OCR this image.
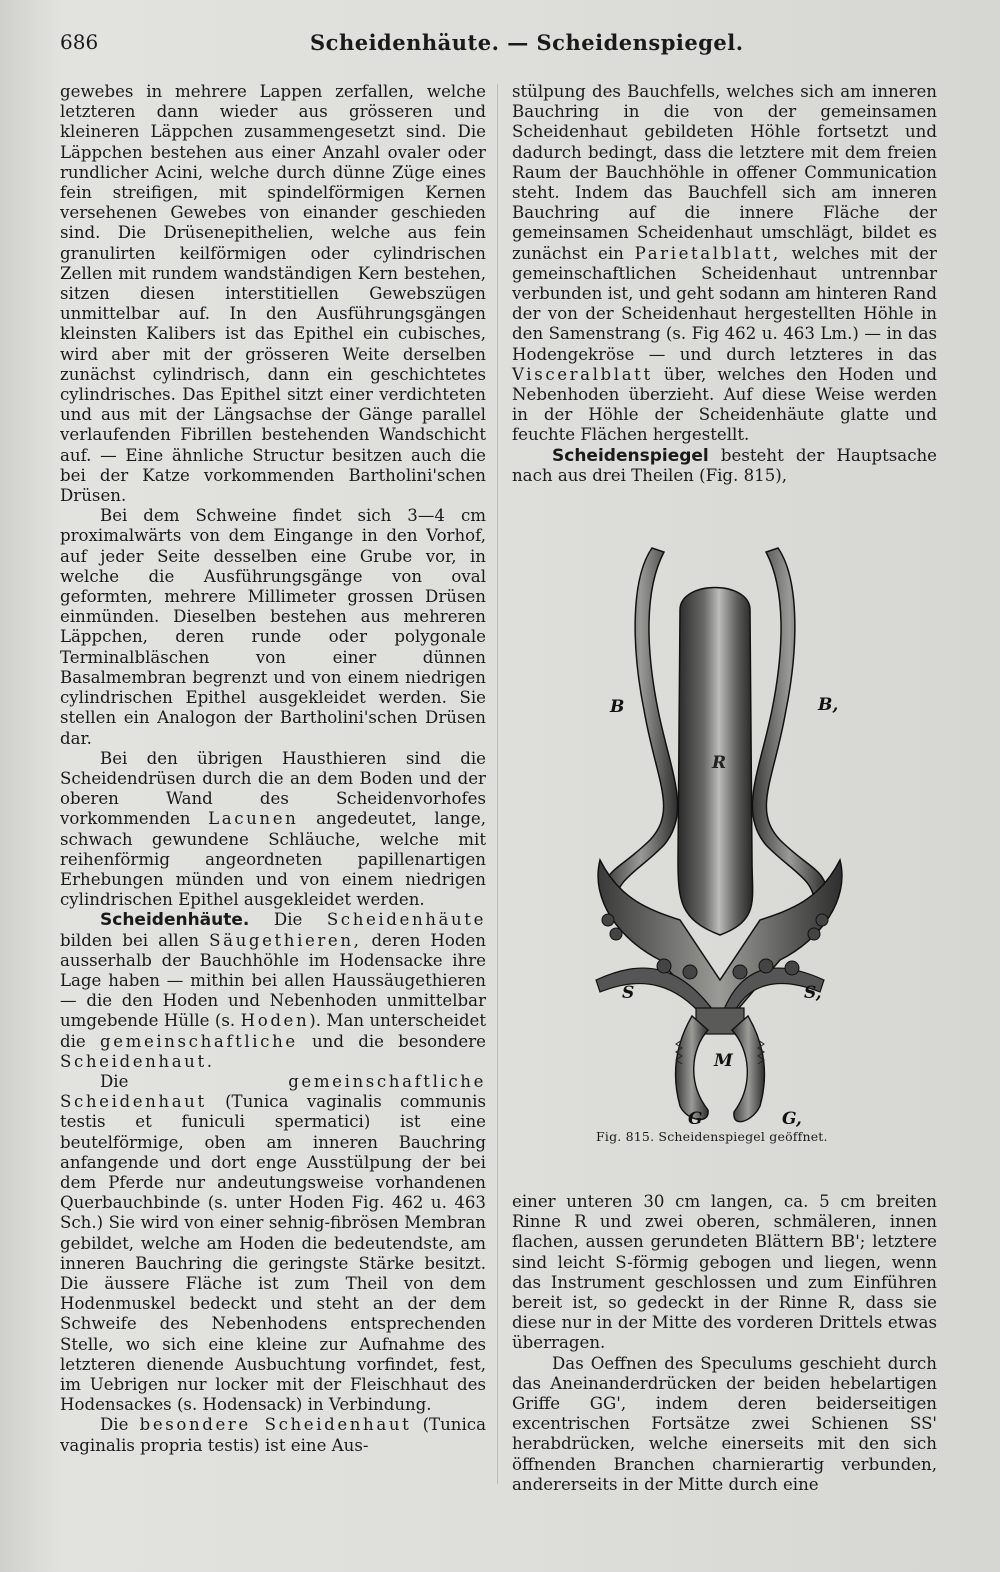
686	Scheidenhäute. — Scheidenspiegel.

gewebes in mehrere Lappen zerfallen, welche letzteren dann wieder aus grösseren und kleineren Läppchen zusammengesetzt sind. Die Läppchen bestehen aus einer Anzahl ovaler oder rundlicher Acini, welche durch dünne Züge eines fein streifigen, mit spindelförmigen Kernen versehenen Gewebes von einander geschieden sind. Die Drüsenepithelien, welche aus fein granulirten keilförmigen oder cylindrischen Zellen mit rundem wandständigen Kern bestehen, sitzen diesen interstitiellen Gewebszügen unmittelbar auf. In den Ausführungsgängen kleinsten Kalibers ist das Epithel ein cubisches, wird aber mit der grösseren Weite derselben zunächst cylindrisch, dann ein geschichtetes cylindrisches. Das Epithel sitzt einer verdichteten und aus mit der Längsachse der Gänge parallel verlaufenden Fibrillen bestehenden Wandschicht auf. — Eine ähnliche Structur besitzen auch die bei der Katze vorkommenden Bartholini'schen Drüsen.

Bei dem Schweine findet sich 3—4 cm proximalwärts von dem Eingange in den Vorhof, auf jeder Seite desselben eine Grube vor, in welche die Ausführungsgänge von oval geformten, mehrere Millimeter grossen Drüsen einmünden. Dieselben bestehen aus mehreren Läppchen, deren runde oder polygonale Terminalbläschen von einer dünnen Basalmembran begrenzt und von einem niedrigen cylindrischen Epithel ausgekleidet werden. Sie stellen ein Analogon der Bartholini'schen Drüsen dar.

Bei den übrigen Hausthieren sind die Scheidendrüsen durch die an dem Boden und der oberen Wand des Scheidenvorhofes vorkommenden Lacunen angedeutet, lange, schwach gewundene Schläuche, welche mit reihenförmig angeordneten papillenartigen Erhebungen münden und von einem niedrigen cylindrischen Epithel ausgekleidet werden.

Scheidenhäute. Die Scheidenhäute bilden bei allen Säugethieren, deren Hoden ausserhalb der Bauchhöhle im Hodensacke ihre Lage haben — mithin bei allen Haussäugethieren — die den Hoden und Nebenhoden unmittelbar umgebende Hülle (s. Hoden). Man unterscheidet die gemeinschaftliche und die besondere Scheidenhaut.

Die gemeinschaftliche Scheidenhaut (Tunica vaginalis communis testis et funiculi spermatici) ist eine beutelförmige, oben am inneren Bauchring anfangende und dort enge Ausstülpung der bei dem Pferde nur andeutungsweise vorhandenen Querbauchbinde (s. unter Hoden Fig. 462 u. 463 Sch.) Sie wird von einer sehnig-fibrösen Membran gebildet, welche am Hoden die bedeutendste, am inneren Bauchring die geringste Stärke besitzt. Die äussere Fläche ist zum Theil von dem Hodenmuskel bedeckt und steht an der dem Schweife des Nebenhodens entsprechenden Stelle, wo sich eine kleine zur Aufnahme des letzteren dienende Ausbuchtung vorfindet, fest, im Uebrigen nur locker mit der Fleischhaut des Hodensackes (s. Hodensack) in Verbindung.

Die besondere Scheidenhaut (Tunica vaginalis propria testis) ist eine Aus-

stülpung des Bauchfells, welches sich am inneren Bauchring in die von der gemeinsamen Scheidenhaut gebildeten Höhle fortsetzt und dadurch bedingt, dass die letztere mit dem freien Raum der Bauchhöhle in offener Communication steht. Indem das Bauchfell sich am inneren Bauchring auf die innere Fläche der gemeinsamen Scheidenhaut umschlägt, bildet es zunächst ein Parietalblatt, welches mit der gemeinschaftlichen Scheidenhaut untrennbar verbunden ist, und geht sodann am hinteren Rand der von der Scheidenhaut hergestellten Höhle in den Samenstrang (s. Fig 462 u. 463 Lm.) — in das Hodengekröse — und durch letzteres in das Visceralblatt über, welches den Hoden und Nebenhoden überzieht. Auf diese Weise werden in der Höhle der Scheidenhäute glatte und feuchte Flächen hergestellt.

Scheidenspiegel besteht der Hauptsache nach aus drei Theilen (Fig. 815),

B	B,
R
S	S,
M
G	G,
Fig. 815. Scheidenspiegel geöffnet.

einer unteren 30 cm langen, ca. 5 cm breiten Rinne R und zwei oberen, schmäleren, innen flachen, aussen gerundeten Blättern BB'; letztere sind leicht S-förmig gebogen und liegen, wenn das Instrument geschlossen und zum Einführen bereit ist, so gedeckt in der Rinne R, dass sie diese nur in der Mitte des vorderen Drittels etwas überragen.

Das Oeffnen des Speculums geschieht durch das Aneinanderdrücken der beiden hebelartigen Griffe GG', indem deren beiderseitigen excentrischen Fortsätze zwei Schienen SS' herabdrücken, welche einerseits mit den sich öffnenden Branchen charnierartig verbunden, andererseits in der Mitte durch eine
